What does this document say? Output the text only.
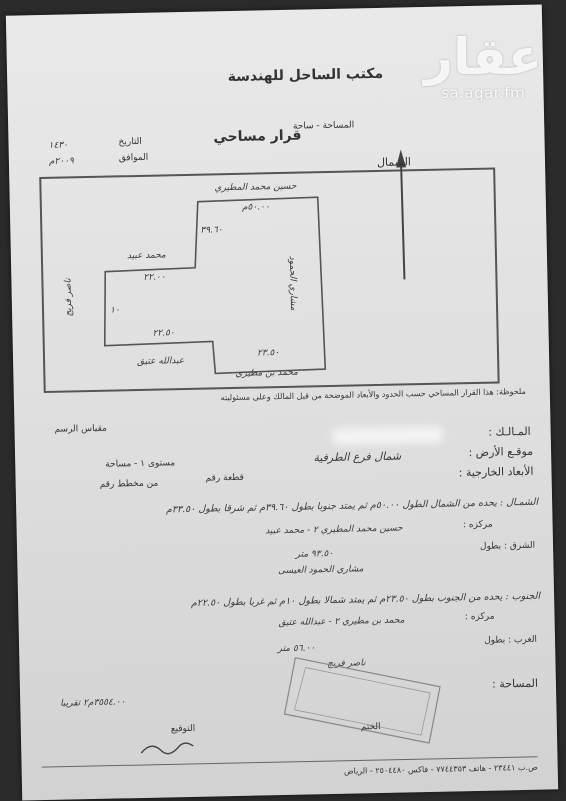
مكتب الساحل للهندسة
المساحة - ساحة
قرار مساحي
التاريخ
١٤٣٠
الموافق
٢٠٠٩م	الشمال
حسين محمد المطيري
٥٠.٠٠م
محمد عبيد
٣٩.٦٠
٢٢.٠٠	مشاري الحمود
ناصر فريج	١٠
٢٢.٥٠
٢٣.٥٠
عبدالله عتيق
محمد بن مطيري
ملحوظة: هذا القرار المساحي حسب الحدود والأبعاد الموضحة من قبل المالك وعلى مسئوليته
مقياس الرسم	المـالـك :
موقـع الأرض :
شمال فرع الطرفية
مستوى ١ - مساحة
الأبعاد الخارجية :
قطعة رقم
من مخطط رقم
الشمـال : يحده من الشمال الطول ٥٠.٠٠م ثم يمتد جنوبا بطول ٣٩.٦٠م ثم شرقا بطول ٣٣.٥٠م
مركزه :
حسين محمد المطيري ٢ - محمد عبيد
الشرق : بطول
٩٣.٥٠ متر
مشاري الحمود العيسى
الجنوب : يحده من الجنوب بطول ٢٣.٥٠م ثم يمتد شمالا بطول ١٠م ثم غربا بطول ٢٢.٥٠م
مركزه :
محمد بن مطيري ٢ - عبدالله عتيق
الغرب : بطول
٥٦.٠٠ متر
ناصر فريج
المساحة :
٣٥٥٤.٠٠م٢ تقريبا
الختم
التوقيع
ص.ب ٢٣٤٤١ - هاتف ٧٧٤٤٣٥٣ - فاكس ٢٥٠٤٤٨٠ - الرياض
عقار
sa.aqar.fm
